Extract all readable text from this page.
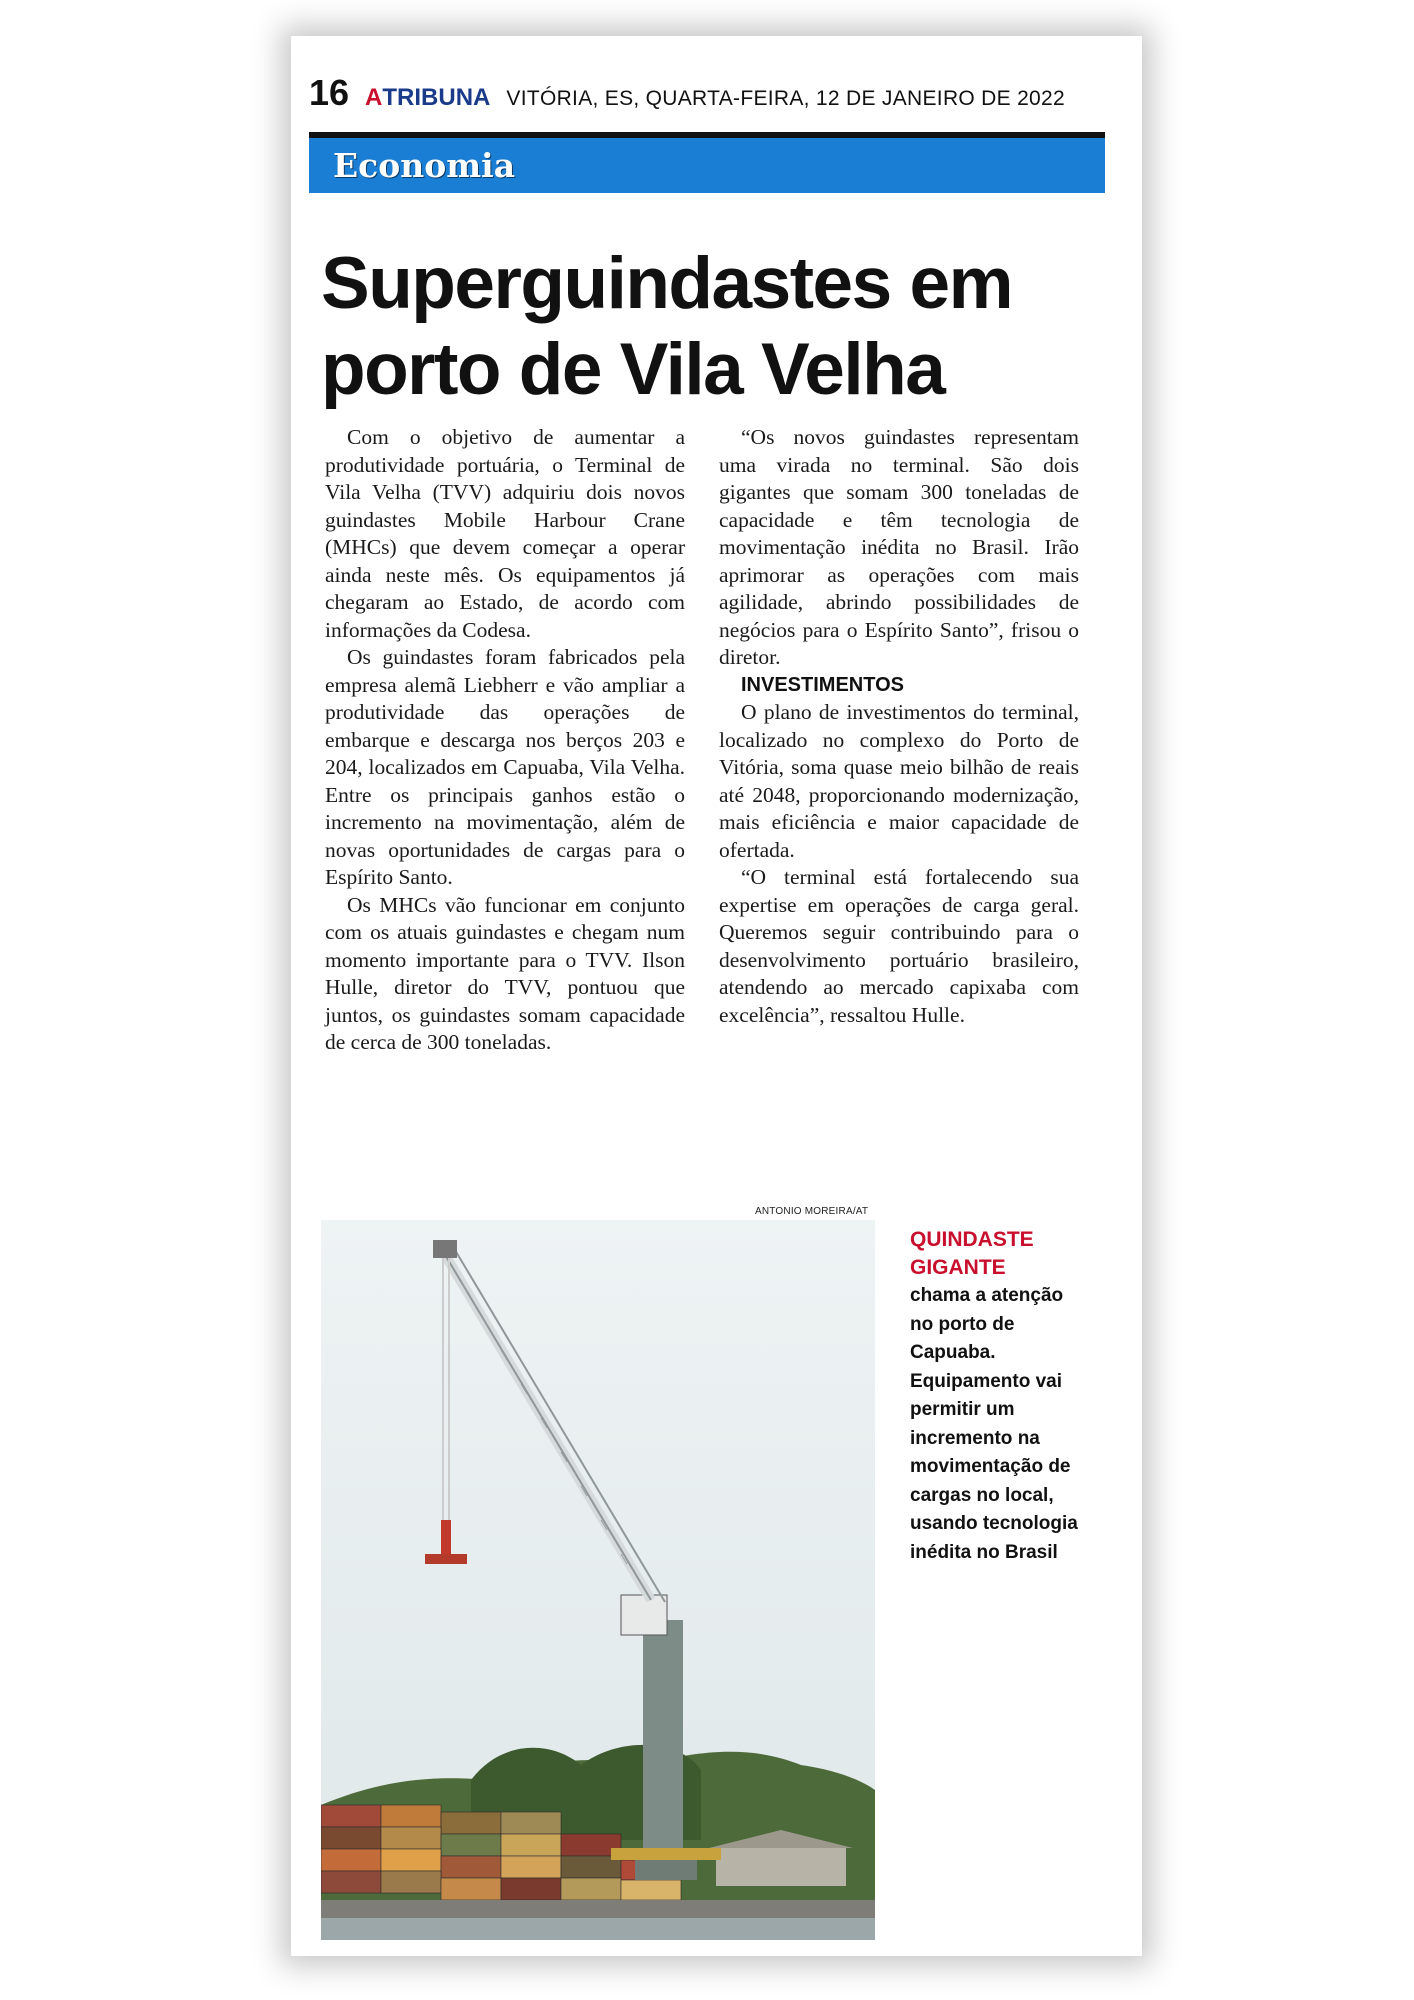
16 A TRIBUNA VITÓRIA, ES, QUARTA-FEIRA, 12 DE JANEIRO DE 2022
Economia
Superguindastes em
porto de Vila Velha

Com o objetivo de aumentar a produtividade portuária, o Terminal de Vila Velha (TVV) adquiriu dois novos guindastes Mobile Harbour Crane (MHCs) que devem começar a operar ainda neste mês. Os equipamentos já chegaram ao Estado, de acordo com informações da Codesa.

Os guindastes foram fabricados pela empresa alemã Liebherr e vão ampliar a produtividade das operações de embarque e descarga nos berços 203 e 204, localizados em Capuaba, Vila Velha. Entre os principais ganhos estão o incremento na movimentação, além de novas oportunidades de cargas para o Espírito Santo.

Os MHCs vão funcionar em conjunto com os atuais guindastes e chegam num momento importante para o TVV. Ilson Hulle, diretor do TVV, pontuou que juntos, os guindastes somam capacidade de cerca de 300 toneladas.

“Os novos guindastes representam uma virada no terminal. São dois gigantes que somam 300 toneladas de capacidade e têm tecnologia de movimentação inédita no Brasil. Irão aprimorar as operações com mais agilidade, abrindo possibilidades de negócios para o Espírito Santo”, frisou o diretor.

INVESTIMENTOS

O plano de investimentos do terminal, localizado no complexo do Porto de Vitória, soma quase meio bilhão de reais até 2048, proporcionando modernização, mais eficiência e maior capacidade de ofertada.

“O terminal está fortalecendo sua expertise em operações de carga geral. Queremos seguir contribuindo para o desenvolvimento portuário brasileiro, atendendo ao mercado capixaba com excelência”, ressaltou Hulle.

ANTONIO MOREIRA/AT

QUINDASTE

GIGANTE

chama a atenção no porto de Capuaba. Equipamento vai permitir um incremento na movimentação de cargas no local, usando tecnologia inédita no Brasil
